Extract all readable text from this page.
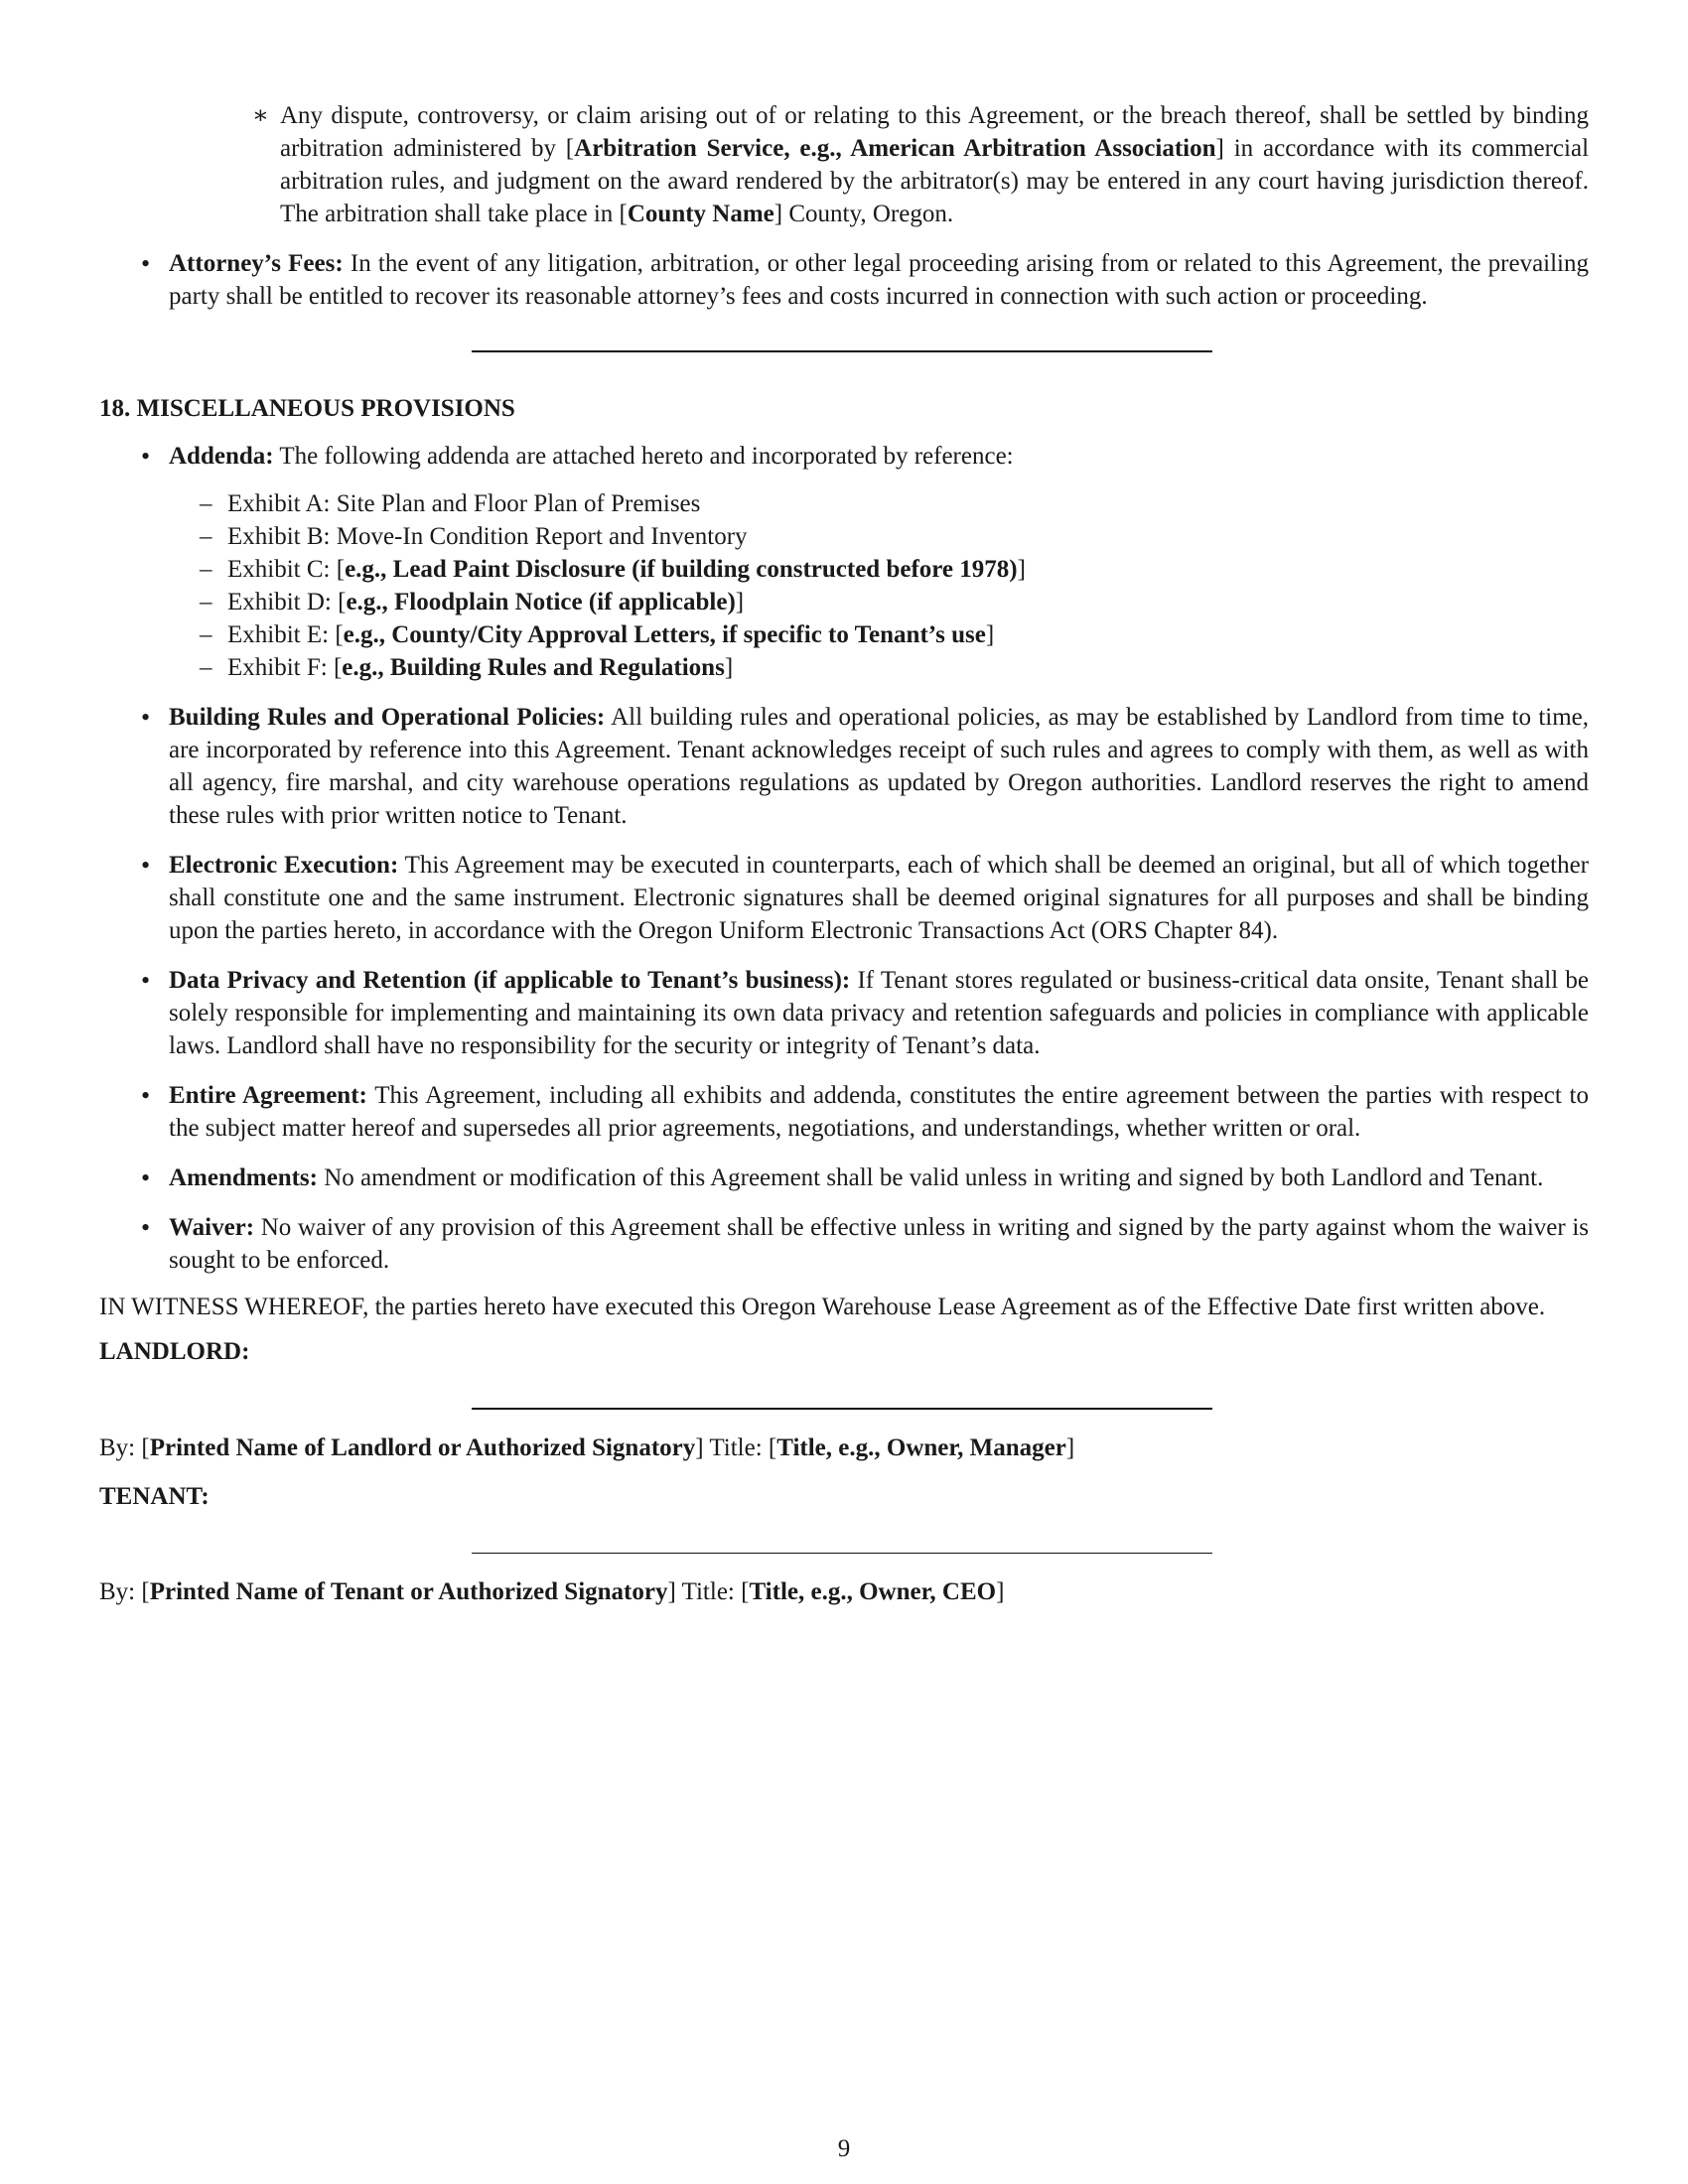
∗ Any dispute, controversy, or claim arising out of or relating to this Agreement, or the breach thereof, shall be settled by binding arbitration administered by [Arbitration Service, e.g., American Arbitration Association] in accordance with its commercial arbitration rules, and judgment on the award rendered by the arbitrator(s) may be entered in any court having jurisdiction thereof. The arbitration shall take place in [County Name] County, Oregon.

• Attorney’s Fees: In the event of any litigation, arbitration, or other legal proceeding arising from or related to this Agreement, the prevailing party shall be entitled to recover its reasonable attorney’s fees and costs incurred in connection with such action or proceeding.

18. MISCELLANEOUS PROVISIONS

• Addenda: The following addenda are attached hereto and incorporated by reference:

– Exhibit A: Site Plan and Floor Plan of Premises
– Exhibit B: Move-In Condition Report and Inventory
– Exhibit C: [e.g., Lead Paint Disclosure (if building constructed before 1978)]
– Exhibit D: [e.g., Floodplain Notice (if applicable)]
– Exhibit E: [e.g., County/City Approval Letters, if specific to Tenant’s use]
– Exhibit F: [e.g., Building Rules and Regulations]
• Building Rules and Operational Policies: All building rules and operational policies, as may be established by Landlord from time to time, are incorporated by reference into this Agreement. Tenant acknowledges receipt of such rules and agrees to comply with them, as well as with all agency, fire marshal, and city warehouse operations regulations as updated by Oregon authorities. Landlord reserves the right to amend these rules with prior written notice to Tenant.

• Electronic Execution: This Agreement may be executed in counterparts, each of which shall be deemed an original, but all of which together shall constitute one and the same instrument. Electronic signatures shall be deemed original signatures for all purposes and shall be binding upon the parties hereto, in accordance with the Oregon Uniform Electronic Transactions Act (ORS Chapter 84).

• Data Privacy and Retention (if applicable to Tenant’s business): If Tenant stores regulated or business-critical data onsite, Tenant shall be solely responsible for implementing and maintaining its own data privacy and retention safeguards and policies in compliance with applicable laws. Landlord shall have no responsibility for the security or integrity of Tenant’s data.

• Entire Agreement: This Agreement, including all exhibits and addenda, constitutes the entire agreement between the parties with respect to the subject matter hereof and supersedes all prior agreements, negotiations, and understandings, whether written or oral.

• Amendments: No amendment or modification of this Agreement shall be valid unless in writing and signed by both Landlord and Tenant.

• Waiver: No waiver of any provision of this Agreement shall be effective unless in writing and signed by the party against whom the waiver is sought to be enforced.

IN WITNESS WHEREOF, the parties hereto have executed this Oregon Warehouse Lease Agreement as of the Effective Date first written above.

LANDLORD:

By: [Printed Name of Landlord or Authorized Signatory] Title: [Title, e.g., Owner, Manager]

TENANT:

By: [Printed Name of Tenant or Authorized Signatory] Title: [Title, e.g., Owner, CEO]

9
